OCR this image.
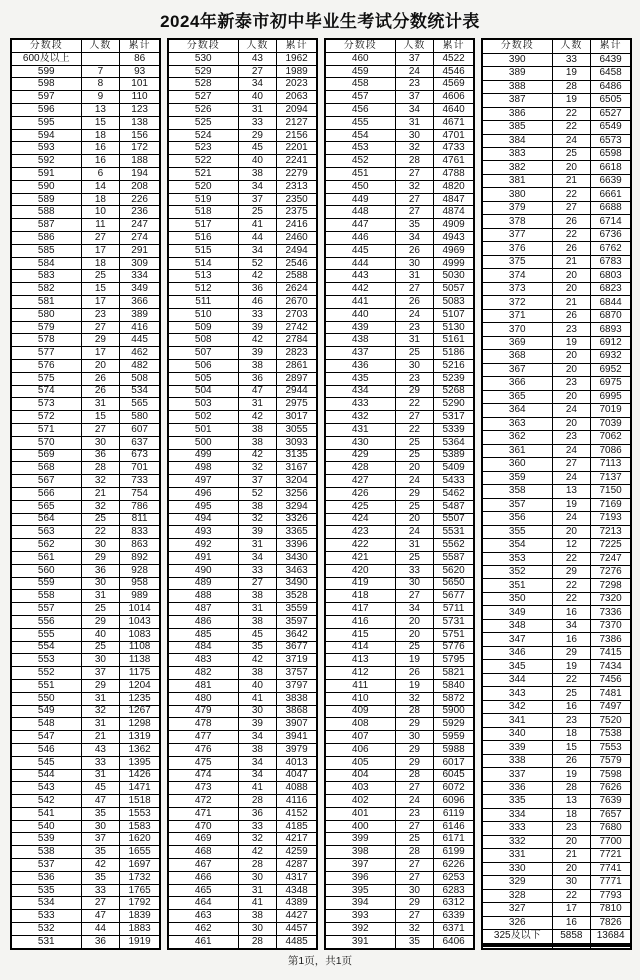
2024年新泰市初中毕业生考试分数统计表
分数段	人数	累计
600及以上		86
599	7	93
598	8	101
597	9	110
596	13	123
595	15	138
594	18	156
593	16	172
592	16	188
591	6	194
590	14	208
589	18	226
588	10	236
587	11	247
586	27	274
585	17	291
584	18	309
583	25	334
582	15	349
581	17	366
580	23	389
579	27	416
578	29	445
577	17	462
576	20	482
575	26	508
574	26	534
573	31	565
572	15	580
571	27	607
570	30	637
569	36	673
568	28	701
567	32	733
566	21	754
565	32	786
564	25	811
563	22	833
562	30	863
561	29	892
560	36	928
559	30	958
558	31	989
557	25	1014
556	29	1043
555	40	1083
554	25	1108
553	30	1138
552	37	1175
551	29	1204
550	31	1235
549	32	1267
548	31	1298
547	21	1319
546	43	1362
545	33	1395
544	31	1426
543	45	1471
542	47	1518
541	35	1553
540	30	1583
539	37	1620
538	35	1655
537	42	1697
536	35	1732
535	33	1765
534	27	1792
533	47	1839
532	44	1883
531	36	1919
分数段	人数	累计
530	43	1962
529	27	1989
528	34	2023
527	40	2063
526	31	2094
525	33	2127
524	29	2156
523	45	2201
522	40	2241
521	38	2279
520	34	2313
519	37	2350
518	25	2375
517	41	2416
516	44	2460
515	34	2494
514	52	2546
513	42	2588
512	36	2624
511	46	2670
510	33	2703
509	39	2742
508	42	2784
507	39	2823
506	38	2861
505	36	2897
504	47	2944
503	31	2975
502	42	3017
501	38	3055
500	38	3093
499	42	3135
498	32	3167
497	37	3204
496	52	3256
495	38	3294
494	32	3326
493	39	3365
492	31	3396
491	34	3430
490	33	3463
489	27	3490
488	38	3528
487	31	3559
486	38	3597
485	45	3642
484	35	3677
483	42	3719
482	38	3757
481	40	3797
480	41	3838
479	30	3868
478	39	3907
477	34	3941
476	38	3979
475	34	4013
474	34	4047
473	41	4088
472	28	4116
471	36	4152
470	33	4185
469	32	4217
468	42	4259
467	28	4287
466	30	4317
465	31	4348
464	41	4389
463	38	4427
462	30	4457
461	28	4485
分数段	人数	累计
460	37	4522
459	24	4546
458	23	4569
457	37	4606
456	34	4640
455	31	4671
454	30	4701
453	32	4733
452	28	4761
451	27	4788
450	32	4820
449	27	4847
448	27	4874
447	35	4909
446	34	4943
445	26	4969
444	30	4999
443	31	5030
442	27	5057
441	26	5083
440	24	5107
439	23	5130
438	31	5161
437	25	5186
436	30	5216
435	23	5239
434	29	5268
433	22	5290
432	27	5317
431	22	5339
430	25	5364
429	25	5389
428	20	5409
427	24	5433
426	29	5462
425	25	5487
424	20	5507
423	24	5531
422	31	5562
421	25	5587
420	33	5620
419	30	5650
418	27	5677
417	34	5711
416	20	5731
415	20	5751
414	25	5776
413	19	5795
412	26	5821
411	19	5840
410	32	5872
409	28	5900
408	29	5929
407	30	5959
406	29	5988
405	29	6017
404	28	6045
403	27	6072
402	24	6096
401	23	6119
400	27	6146
399	25	6171
398	28	6199
397	27	6226
396	27	6253
395	30	6283
394	29	6312
393	27	6339
392	32	6371
391	35	6406
分数段	人数	累计
390	33	6439
389	19	6458
388	28	6486
387	19	6505
386	22	6527
385	22	6549
384	24	6573
383	25	6598
382	20	6618
381	21	6639
380	22	6661
379	27	6688
378	26	6714
377	22	6736
376	26	6762
375	21	6783
374	20	6803
373	20	6823
372	21	6844
371	26	6870
370	23	6893
369	19	6912
368	20	6932
367	20	6952
366	23	6975
365	20	6995
364	24	7019
363	20	7039
362	23	7062
361	24	7086
360	27	7113
359	24	7137
358	13	7150
357	19	7169
356	24	7193
355	20	7213
354	12	7225
353	22	7247
352	29	7276
351	22	7298
350	22	7320
349	16	7336
348	34	7370
347	16	7386
346	29	7415
345	19	7434
344	22	7456
343	25	7481
342	16	7497
341	23	7520
340	18	7538
339	15	7553
338	26	7579
337	19	7598
336	28	7626
335	13	7639
334	18	7657
333	23	7680
332	20	7700
331	21	7721
330	20	7741
329	30	7771
328	22	7793
327	17	7810
326	16	7826
325及以下	5858	13684

第1页，共1页
